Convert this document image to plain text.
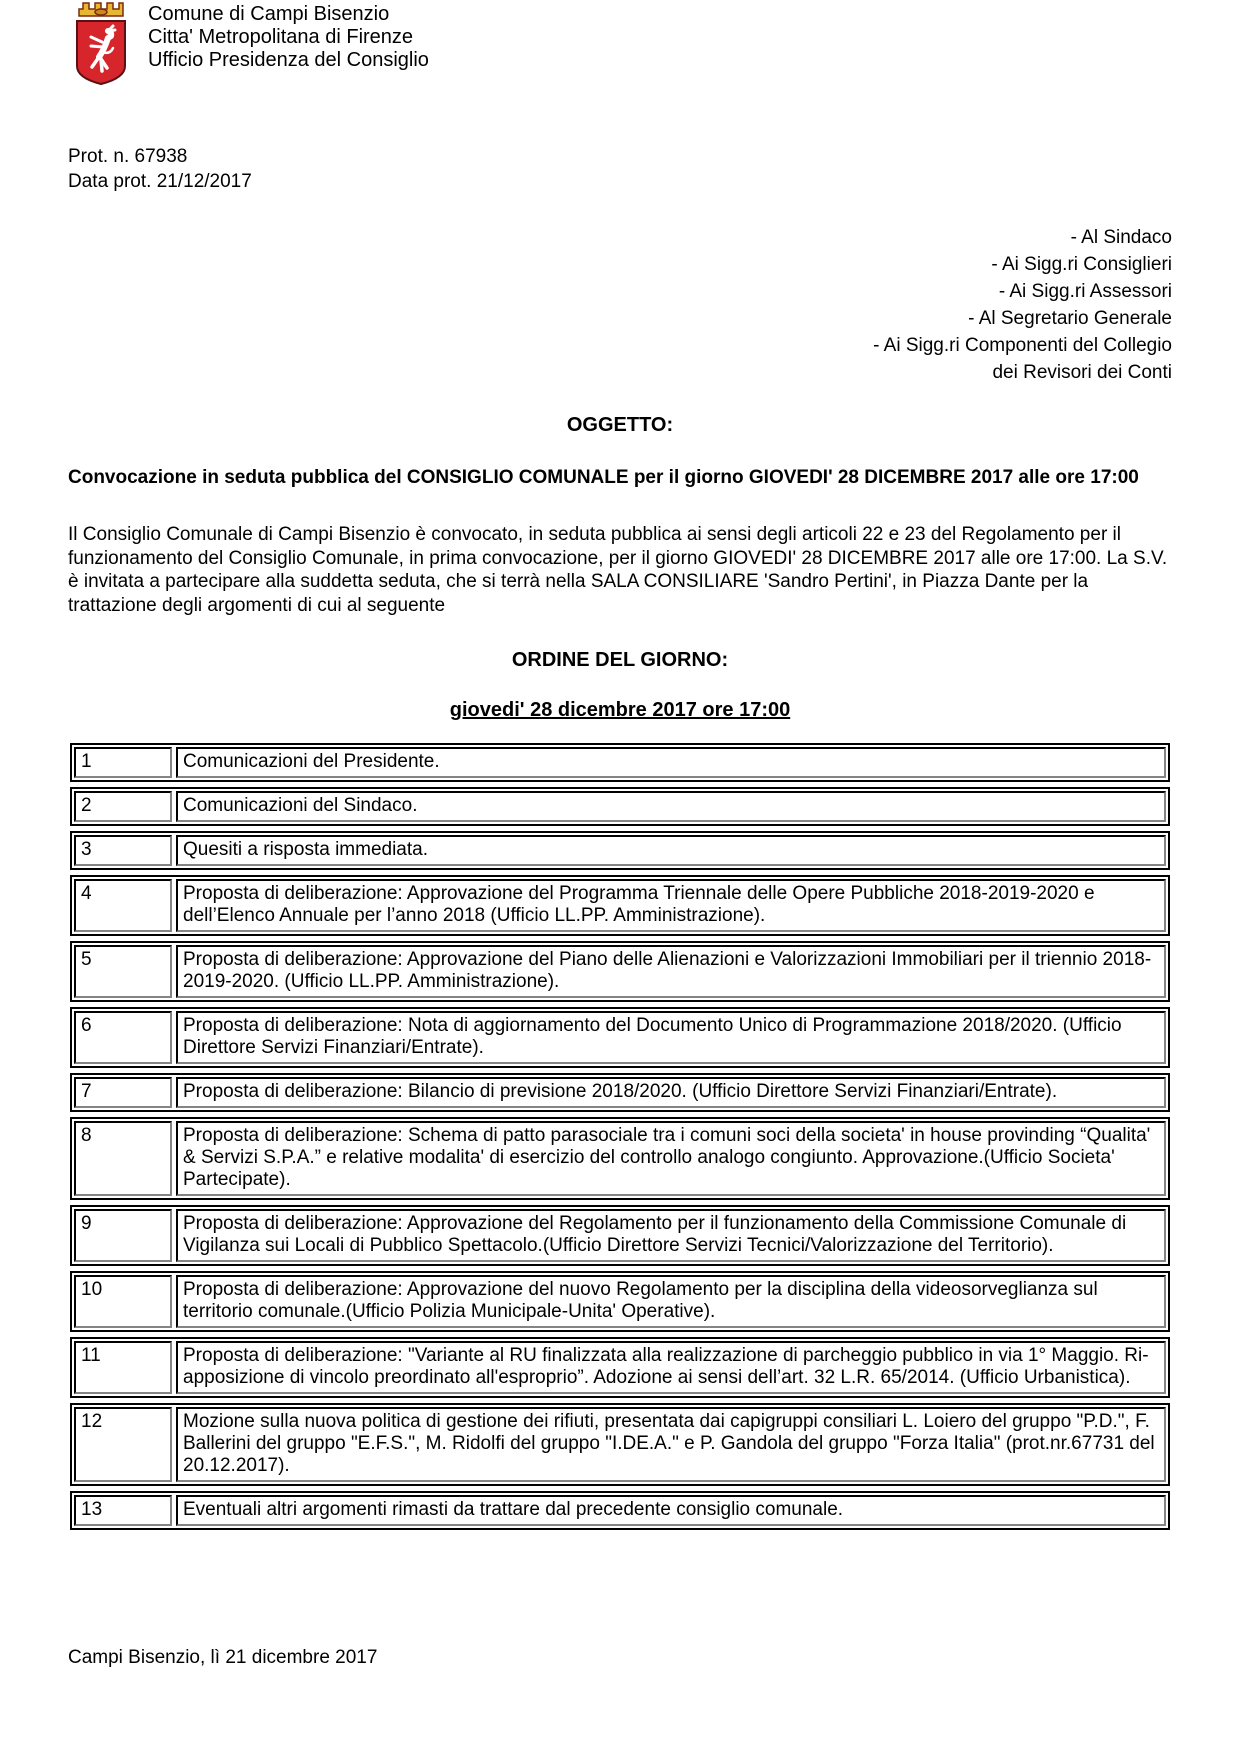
Comune di Campi Bisenzio
Citta' Metropolitana di Firenze
Ufficio Presidenza del Consiglio
Prot. n. 67938
Data prot. 21/12/2017
- Al Sindaco
- Ai Sigg.ri Consiglieri
- Ai Sigg.ri Assessori
- Al Segretario Generale
- Ai Sigg.ri Componenti del Collegio
dei Revisori dei Conti
OGGETTO:
Convocazione in seduta pubblica del CONSIGLIO COMUNALE per il giorno GIOVEDI' 28 DICEMBRE 2017 alle ore 17:00
Il Consiglio Comunale di Campi Bisenzio è convocato, in seduta pubblica ai sensi degli articoli 22 e 23 del Regolamento per il funzionamento del Consiglio Comunale, in prima convocazione, per il giorno GIOVEDI' 28 DICEMBRE 2017 alle ore 17:00. La S.V. è invitata a partecipare alla suddetta seduta, che si terrà nella SALA CONSILIARE 'Sandro Pertini', in Piazza Dante per la trattazione degli argomenti di cui al seguente
ORDINE DEL GIORNO:
giovedi' 28 dicembre 2017 ore 17:00
1	Comunicazioni del Presidente.
2	Comunicazioni del Sindaco.
3	Quesiti a risposta immediata.
4	Proposta di deliberazione: Approvazione del Programma Triennale delle Opere Pubbliche 2018-2019-2020 e dell’Elenco Annuale per l’anno 2018 (Ufficio LL.PP. Amministrazione).
5	Proposta di deliberazione: Approvazione del Piano delle Alienazioni e Valorizzazioni Immobiliari per il triennio 2018-2019-2020. (Ufficio LL.PP. Amministrazione).
6	Proposta di deliberazione: Nota di aggiornamento del Documento Unico di Programmazione 2018/2020. (Ufficio Direttore Servizi Finanziari/Entrate).
7	Proposta di deliberazione: Bilancio di previsione 2018/2020. (Ufficio Direttore Servizi Finanziari/Entrate).
8	Proposta di deliberazione: Schema di patto parasociale tra i comuni soci della societa' in house provinding “Qualita' & Servizi S.P.A.” e relative modalita' di esercizio del controllo analogo congiunto. Approvazione.(Ufficio Societa' Partecipate).
9	Proposta di deliberazione: Approvazione del Regolamento per il funzionamento della Commissione Comunale di Vigilanza sui Locali di Pubblico Spettacolo.(Ufficio Direttore Servizi Tecnici/Valorizzazione del Territorio).
10	Proposta di deliberazione: Approvazione del nuovo Regolamento per la disciplina della videosorveglianza sul territorio comunale.(Ufficio Polizia Municipale-Unita' Operative).
11	Proposta di deliberazione: "Variante al RU finalizzata alla realizzazione di parcheggio pubblico in via 1° Maggio. Ri-apposizione di vincolo preordinato all'esproprio”. Adozione ai sensi dell’art. 32 L.R. 65/2014. (Ufficio Urbanistica).
12	Mozione sulla nuova politica di gestione dei rifiuti, presentata dai capigruppi consiliari L. Loiero del gruppo "P.D.", F. Ballerini del gruppo "E.F.S.", M. Ridolfi del gruppo "I.DE.A." e P. Gandola del gruppo "Forza Italia" (prot.nr.67731 del 20.12.2017).
13	Eventuali altri argomenti rimasti da trattare dal precedente consiglio comunale.
Campi Bisenzio, lì 21 dicembre 2017
